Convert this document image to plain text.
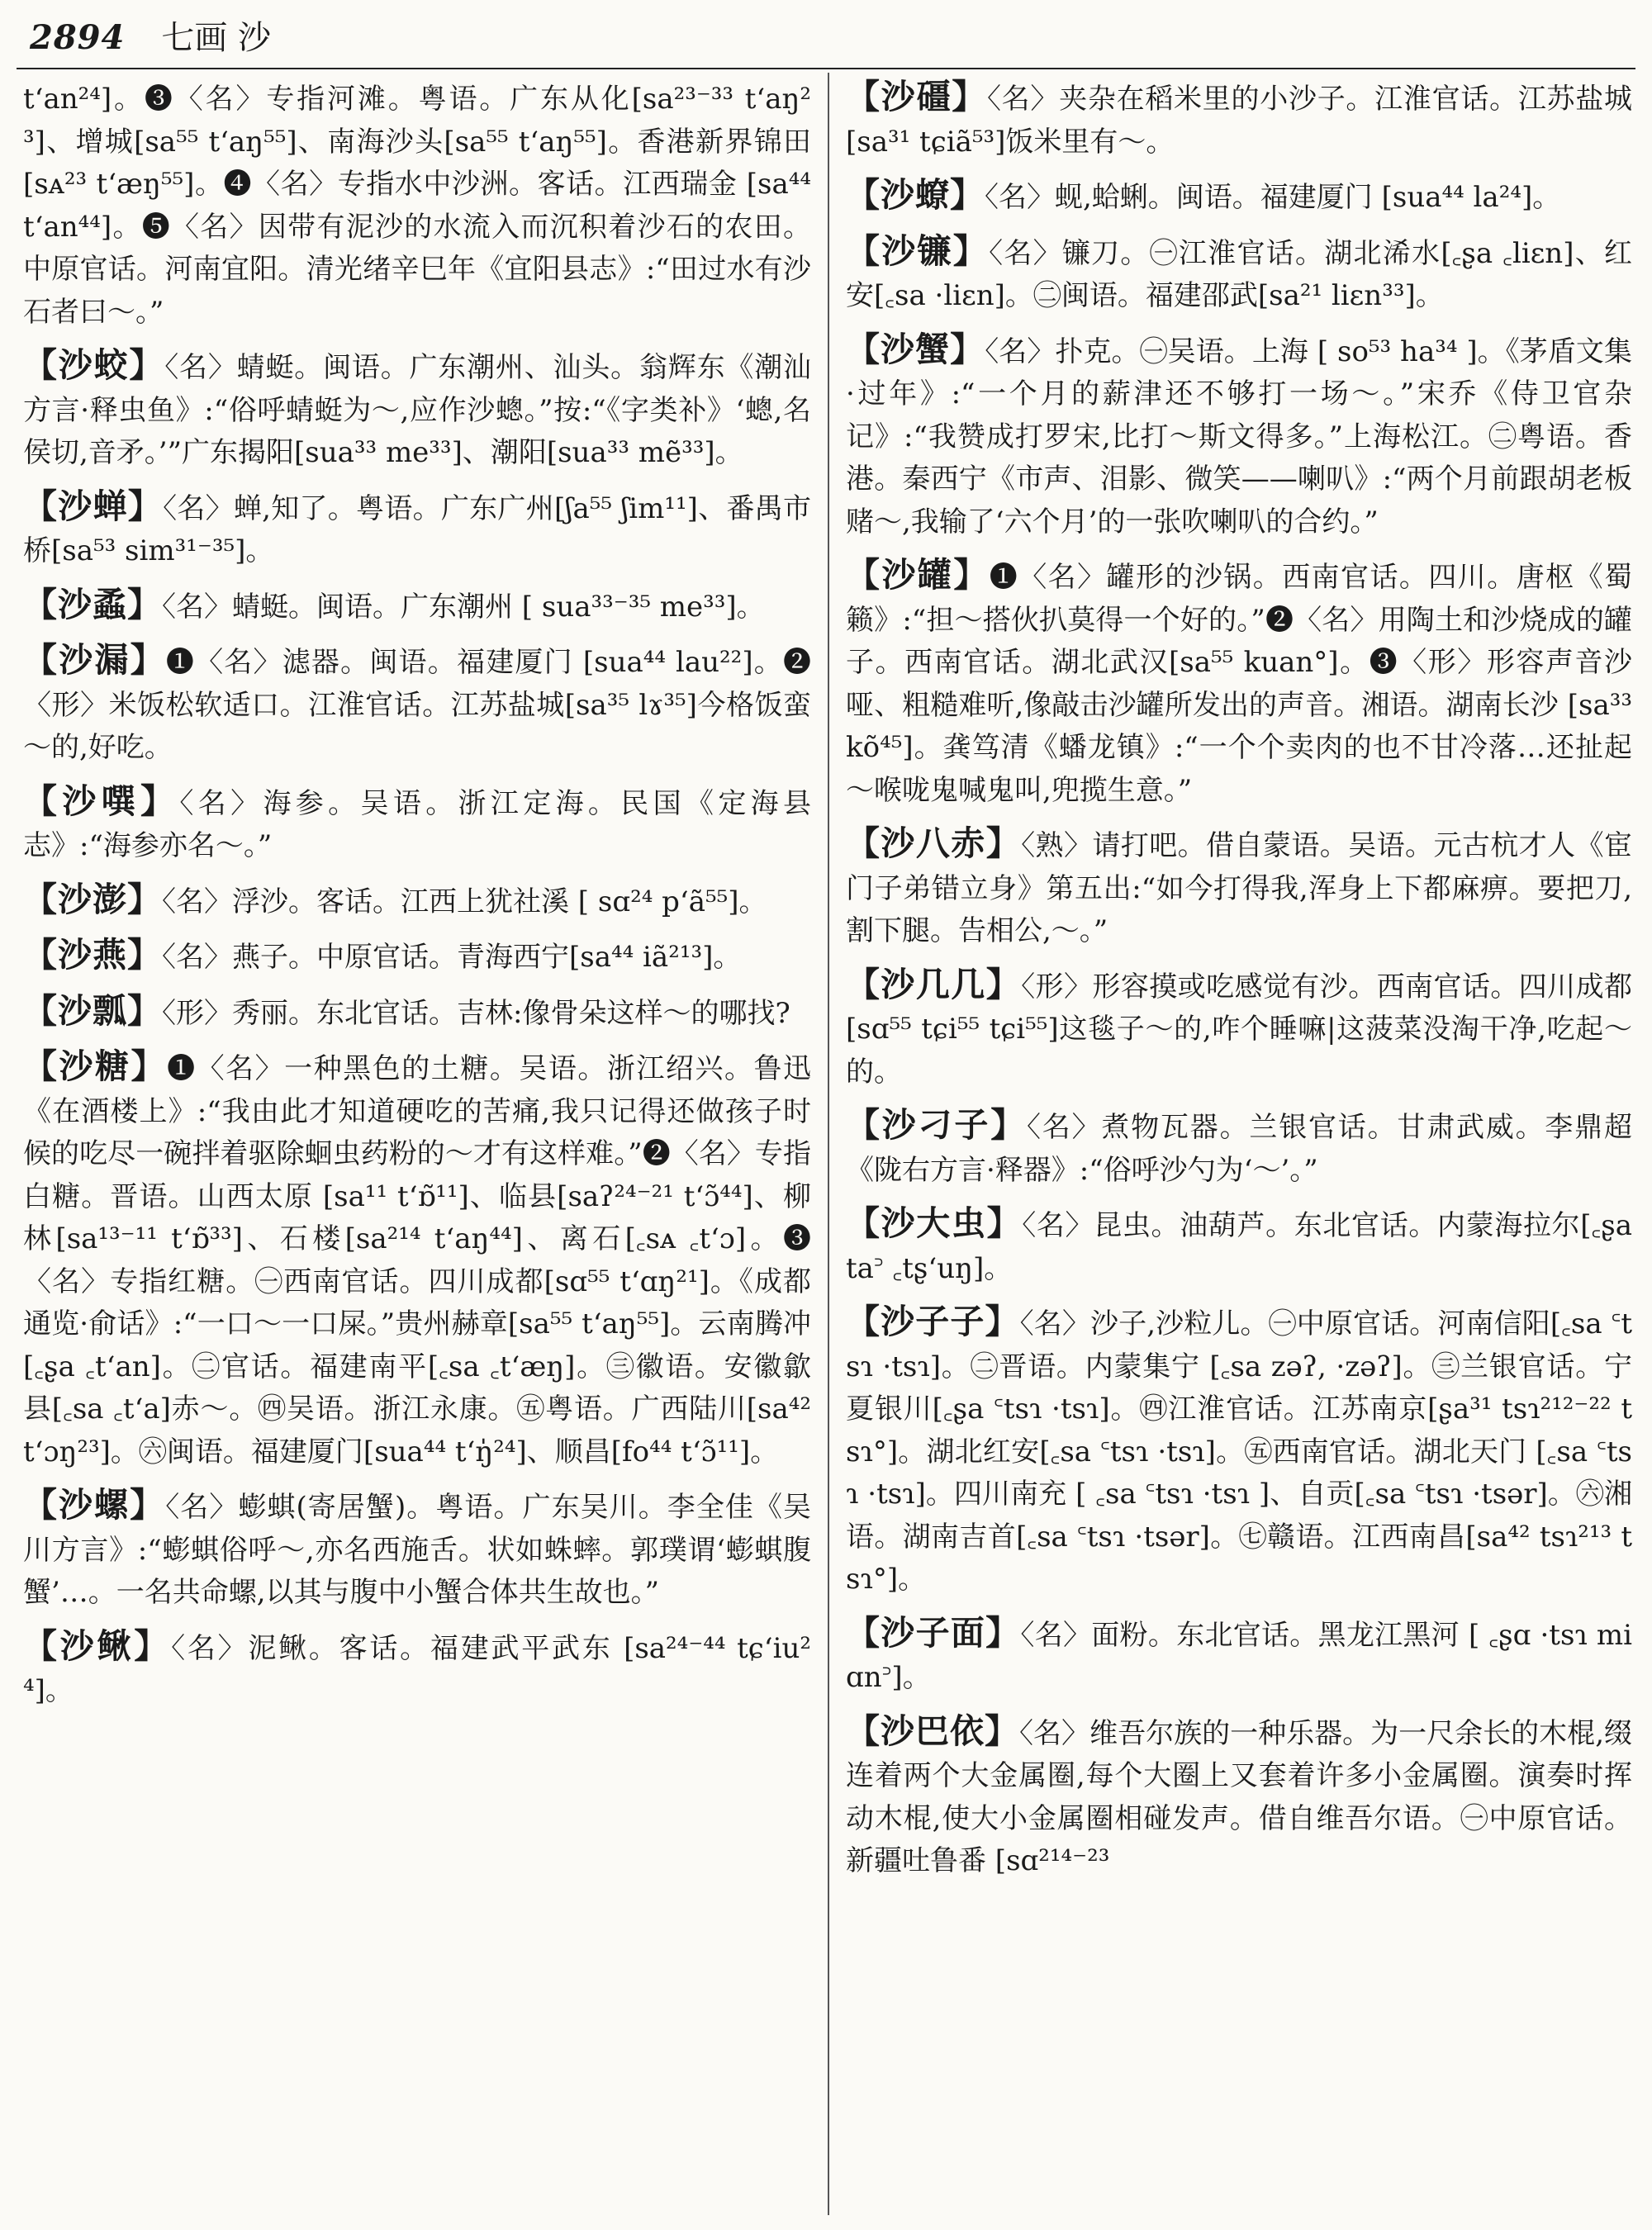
2894 七画 沙

t‘an²⁴]。❸〈名〉专指河滩。粤语。广东从化[sa²³⁻³³ t‘aŋ²³]、增城[sa⁵⁵ t‘aŋ⁵⁵]、南海沙头[sa⁵⁵ t‘aŋ⁵⁵]。香港新界锦田[sᴀ²³ t‘æŋ⁵⁵]。❹〈名〉专指水中沙洲。客话。江西瑞金 [sa⁴⁴ t‘an⁴⁴]。❺〈名〉因带有泥沙的水流入而沉积着沙石的农田。中原官话。河南宜阳。清光绪辛巳年《宜阳县志》:“田过水有沙石者曰～。”

【沙蛟】〈名〉蜻蜓。闽语。广东潮州、汕头。翁辉东《潮汕方言·释虫鱼》:“俗呼蜻蜓为～,应作沙蟌。”按:“《字类补》‘蟌,名侯切,音矛。’”广东揭阳[sua³³ me³³]、潮阳[sua³³ mẽ³³]。

【沙蝉】〈名〉蝉,知了。粤语。广东广州[ʃa⁵⁵ ʃim¹¹]、番禺市桥[sa⁵³ sim³¹⁻³⁵]。

【沙蟊】〈名〉蜻蜓。闽语。广东潮州 [ sua³³⁻³⁵ me³³]。

【沙漏】❶〈名〉滤器。闽语。福建厦门 [sua⁴⁴ lau²²]。❷〈形〉米饭松软适口。江淮官话。江苏盐城[sa³⁵ lɤ³⁵]今格饭蛮～的,好吃。

【沙噀】〈名〉海参。吴语。浙江定海。民国《定海县志》:“海参亦名～。”

【沙澎】〈名〉浮沙。客话。江西上犹社溪 [ sɑ²⁴ p‘ã⁵⁵]。

【沙燕】〈名〉燕子。中原官话。青海西宁[sa⁴⁴ iã²¹³]。

【沙瓢】〈形〉秀丽。东北官话。吉林:像骨朵这样～的哪找?

【沙糖】❶〈名〉一种黑色的土糖。吴语。浙江绍兴。鲁迅《在酒楼上》:“我由此才知道硬吃的苦痛,我只记得还做孩子时候的吃尽一碗拌着驱除蛔虫药粉的～才有这样难。”❷〈名〉专指白糖。晋语。山西太原 [sa¹¹ t‘ɒ̃¹¹]、临县[saʔ²⁴⁻²¹ t‘ɔ̃⁴⁴]、柳林[sa¹³⁻¹¹ t‘ɒ̃³³]、石楼[sa²¹⁴ t‘aŋ⁴⁴]、离石[꜀sᴀ ꜀t‘ɔ]。❸〈名〉专指红糖。㊀西南官话。四川成都[sɑ⁵⁵ t‘ɑŋ²¹]。《成都通览·俞话》:“一口～一口屎。”贵州赫章[sa⁵⁵ t‘aŋ⁵⁵]。云南腾冲[꜀ʂa ꜀t‘an]。㊁官话。福建南平[꜀sa ꜀t‘æŋ]。㊂徽语。安徽歙县[꜀sa ꜀t‘a]赤～。㊃吴语。浙江永康。㊄粤语。广西陆川[sa⁴² t‘ɔŋ²³]。㊅闽语。福建厦门[sua⁴⁴ t‘ŋ̍²⁴]、顺昌[fo⁴⁴ t‘ɔ̃¹¹]。

【沙螺】〈名〉蟛蜞(寄居蟹)。粤语。广东吴川。李全佳《吴川方言》:“蟛蜞俗呼～,亦名西施舌。状如蛛蟀。郭璞谓‘蟛蜞腹蟹’…。一名共命螺,以其与腹中小蟹合体共生故也。”

【沙鳅】〈名〉泥鳅。客话。福建武平武东 [sa²⁴⁻⁴⁴ tɕ‘iu²⁴]。

【沙礓】〈名〉夹杂在稻米里的小沙子。江淮官话。江苏盐城[sa³¹ tɕiã⁵³]饭米里有～。

【沙蟟】〈名〉蚬,蛤蜊。闽语。福建厦门 [sua⁴⁴ la²⁴]。

【沙镰】〈名〉镰刀。㊀江淮官话。湖北浠水[꜀ʂa ꜀liɛn]、红安[꜀sa ·liɛn]。㊁闽语。福建邵武[sa²¹ liɛn³³]。

【沙蟹】〈名〉扑克。㊀吴语。上海 [ so⁵³ ha³⁴ ]。《茅盾文集·过年》:“一个月的薪津还不够打一场～。”宋乔《侍卫官杂记》:“我赞成打罗宋,比打～斯文得多。”上海松江。㊁粤语。香港。秦西宁《市声、泪影、微笑——喇叭》:“两个月前跟胡老板赌～,我输了‘六个月’的一张吹喇叭的合约。”

【沙罐】❶〈名〉罐形的沙锅。西南官话。四川。唐枢《蜀籁》:“担～搭伙扒莫得一个好的。”❷〈名〉用陶土和沙烧成的罐子。西南官话。湖北武汉[sa⁵⁵ kuan°]。❸〈形〉形容声音沙哑、粗糙难听,像敲击沙罐所发出的声音。湘语。湖南长沙 [sa³³ kõ⁴⁵]。龚笃清《蟠龙镇》:“一个个卖肉的也不甘冷落…还扯起～喉咙鬼喊鬼叫,兜揽生意。”

【沙八赤】〈熟〉请打吧。借自蒙语。吴语。元古杭才人《宦门子弟错立身》第五出:“如今打得我,浑身上下都麻痹。要把刀,割下腿。告相公,～。”

【沙几几】〈形〉形容摸或吃感觉有沙。西南官话。四川成都[sɑ⁵⁵ tɕi⁵⁵ tɕi⁵⁵]这毯子～的,咋个睡嘛|这菠菜没淘干净,吃起～的。

【沙刁子】〈名〉煮物瓦器。兰银官话。甘肃武威。李鼎超《陇右方言·释器》:“俗呼沙勺为‘～’。”

【沙大虫】〈名〉昆虫。油葫芦。东北官话。内蒙海拉尔[꜀ʂa ta꜄ ꜀tʂ‘uŋ]。

【沙子子】〈名〉沙子,沙粒儿。㊀中原官话。河南信阳[꜀sa ꜂tsɿ ·tsɿ]。㊁晋语。内蒙集宁 [꜀sa zəʔ, ·zəʔ]。㊂兰银官话。宁夏银川[꜀ʂa ꜂tsɿ ·tsɿ]。㊃江淮官话。江苏南京[ʂa³¹ tsɿ²¹²⁻²² tsɿ°]。湖北红安[꜀sa ꜂tsɿ ·tsɿ]。㊄西南官话。湖北天门 [꜀sa ꜂tsɿ ·tsɿ]。四川南充 [ ꜀sa ꜂tsɿ ·tsɿ ]、自贡[꜀sa ꜂tsɿ ·tsər]。㊅湘语。湖南吉首[꜀sa ꜂tsɿ ·tsər]。㊆赣语。江西南昌[sa⁴² tsɿ²¹³ tsɿ°]。

【沙子面】〈名〉面粉。东北官话。黑龙江黑河 [ ꜀ʂɑ ·tsɿ miɑn꜄]。

【沙巴依】〈名〉维吾尔族的一种乐器。为一尺余长的木棍,缀连着两个大金属圈,每个大圈上又套着许多小金属圈。演奏时挥动木棍,使大小金属圈相碰发声。借自维吾尔语。㊀中原官话。新疆吐鲁番 [sɑ²¹⁴⁻²³
